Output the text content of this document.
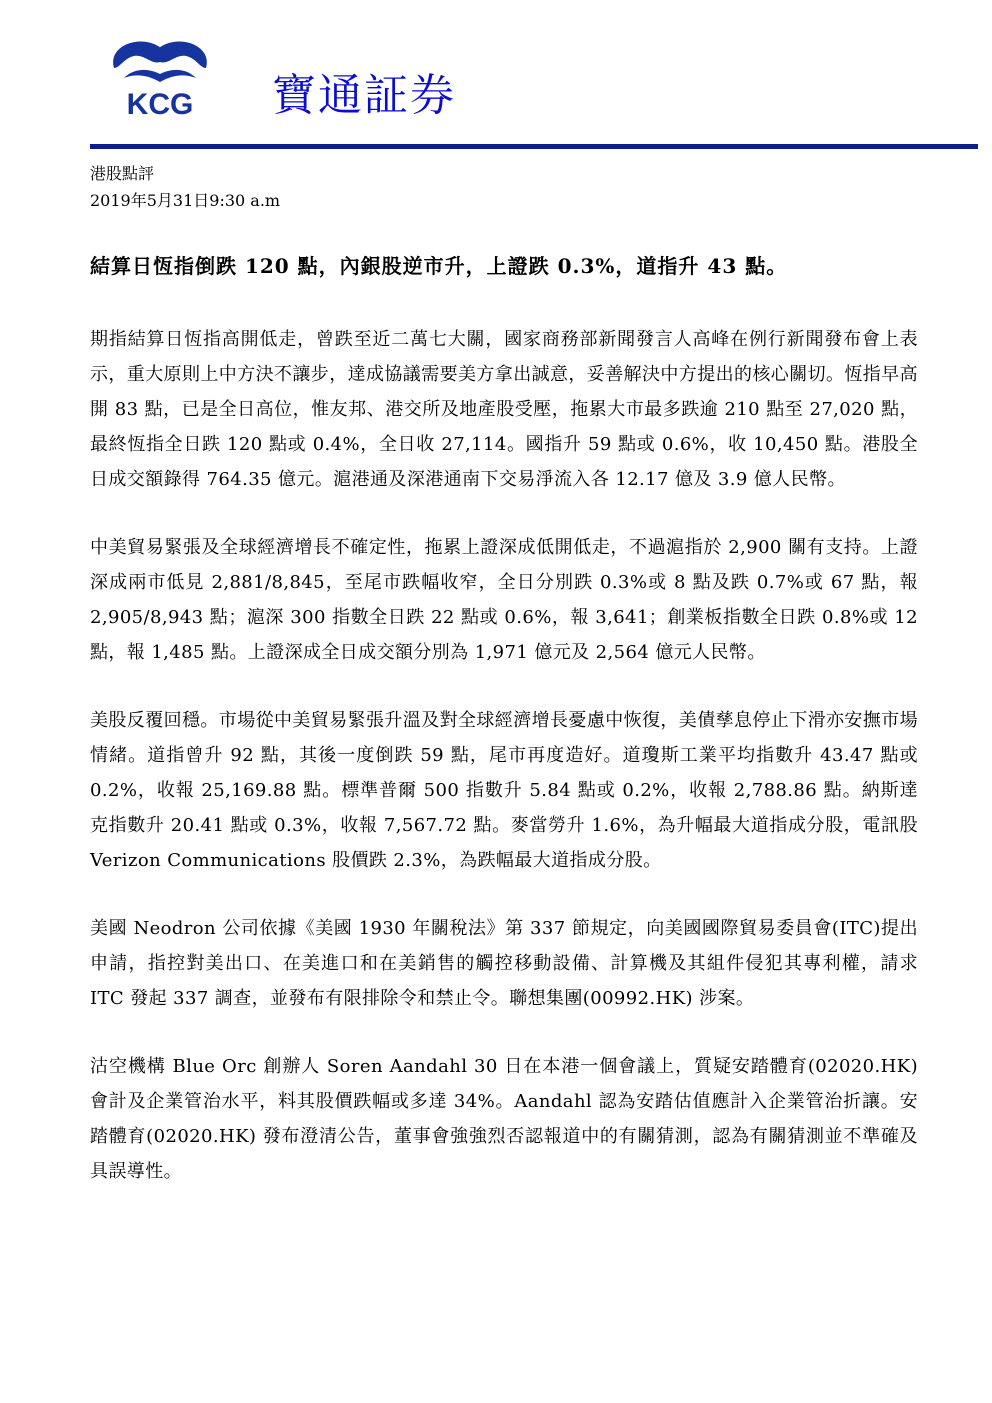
KCG 寶通証券
港股點評
2019年5月31日9:30 a.m
結算日恆指倒跌 120 點，內銀股逆市升，上證跌 0.3%，道指升 43 點。

期指結算日恆指高開低走，曾跌至近二萬七大關，國家商務部新聞發言人高峰在例行新聞發布會上表示，重大原則上中方決不讓步，達成協議需要美方拿出誠意，妥善解決中方提出的核心關切。恆指早高開 83 點，已是全日高位，惟友邦、港交所及地產股受壓，拖累大市最多跌逾 210 點至 27,020 點，最終恆指全日跌 120 點或 0.4%，全日收 27,114。國指升 59 點或 0.6%，收 10,450 點。港股全日成交額錄得 764.35 億元。滬港通及深港通南下交易淨流入各 12.17 億及 3.9 億人民幣。

中美貿易緊張及全球經濟增長不確定性，拖累上證深成低開低走，不過滬指於 2,900 關有支持。上證深成兩市低見 2,881/8,845，至尾市跌幅收窄，全日分別跌 0.3%或 8 點及跌 0.7%或 67 點，報 2,905/8,943 點；滬深 300 指數全日跌 22 點或 0.6%，報 3,641；創業板指數全日跌 0.8%或 12 點，報 1,485 點。上證深成全日成交額分別為 1,971 億元及 2,564 億元人民幣。

美股反覆回穩。市場從中美貿易緊張升溫及對全球經濟增長憂慮中恢復，美債孳息停止下滑亦安撫市場情緒。道指曾升 92 點，其後一度倒跌 59 點，尾市再度造好。道瓊斯工業平均指數升 43.47 點或 0.2%，收報 25,169.88 點。標準普爾 500 指數升 5.84 點或 0.2%，收報 2,788.86 點。納斯達克指數升 20.41 點或 0.3%，收報 7,567.72 點。麥當勞升 1.6%，為升幅最大道指成分股，電訊股 Verizon Communications 股價跌 2.3%，為跌幅最大道指成分股。

美國 Neodron 公司依據《美國 1930 年關稅法》第 337 節規定，向美國國際貿易委員會(ITC)提出申請，指控對美出口、在美進口和在美銷售的觸控移動設備、計算機及其組件侵犯其專利權，請求 ITC 發起 337 調查，並發布有限排除令和禁止令。聯想集團(00992.HK) 涉案。

沽空機構 Blue Orc 創辦人 Soren Aandahl 30 日在本港一個會議上，質疑安踏體育(02020.HK) 會計及企業管治水平，料其股價跌幅或多達 34%。Aandahl 認為安踏估值應計入企業管治折讓。安踏體育(02020.HK) 發布澄清公告，董事會強強烈否認報道中的有關猜測，認為有關猜測並不準確及具誤導性。
